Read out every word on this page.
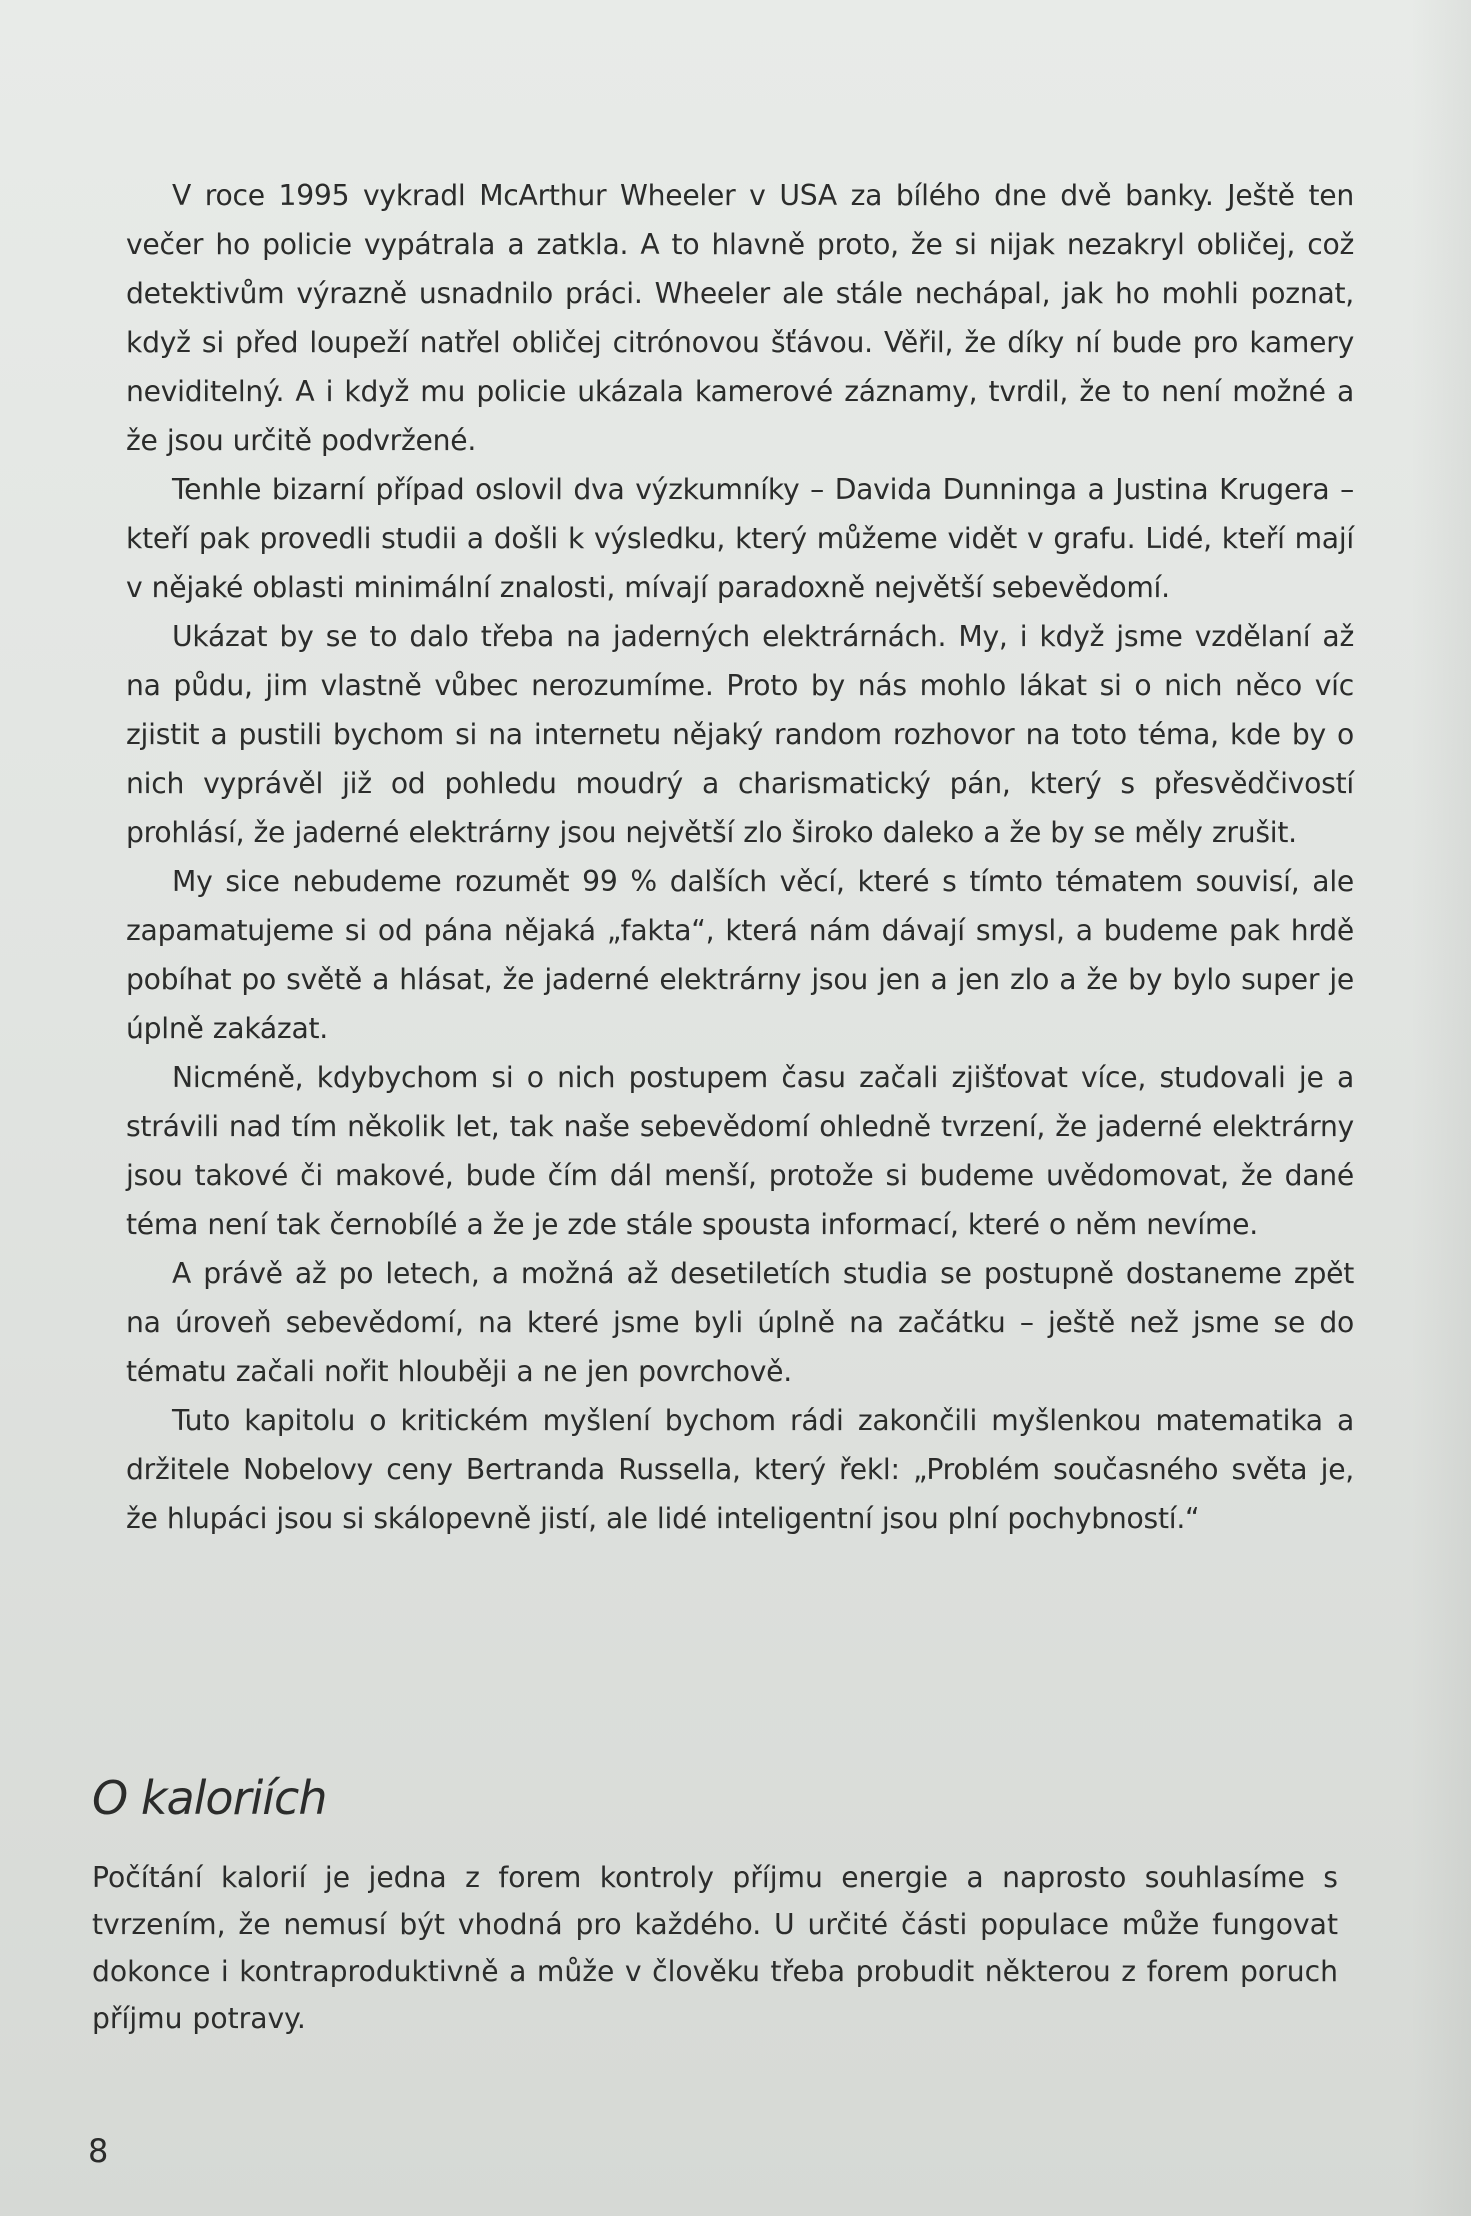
V roce 1995 vykradl McArthur Wheeler v USA za bílého dne dvě banky. Ještě ten večer ho policie vypátrala a zatkla. A to hlavně proto, že si nijak nezakryl obličej, což detektivům výrazně usnadnilo práci. Wheeler ale stále nechápal, jak ho mohli poznat, když si před loupeží natřel obličej citrónovou šťávou. Věřil, že díky ní bude pro kamery neviditelný. A i když mu policie ukázala kamerové záznamy, tvrdil, že to není možné a že jsou určitě podvržené.

Tenhle bizarní případ oslovil dva výzkumníky – Davida Dunninga a Justina Krugera – kteří pak provedli studii a došli k výsledku, který můžeme vidět v grafu. Lidé, kteří mají v nějaké oblasti minimální znalosti, mívají paradoxně největší sebevědomí.

Ukázat by se to dalo třeba na jaderných elektrárnách. My, i když jsme vzdělaní až na půdu, jim vlastně vůbec nerozumíme. Proto by nás mohlo lákat si o nich něco víc zjistit a pustili bychom si na internetu nějaký random rozhovor na toto téma, kde by o nich vyprávěl již od pohledu moudrý a charismatický pán, který s přesvědčivostí prohlásí, že jaderné elektrárny jsou největší zlo široko daleko a že by se měly zrušit.

My sice nebudeme rozumět 99 % dalších věcí, které s tímto tématem souvisí, ale zapamatujeme si od pána nějaká „fakta“, která nám dávají smysl, a budeme pak hrdě pobíhat po světě a hlásat, že jaderné elektrárny jsou jen a jen zlo a že by bylo super je úplně zakázat.

Nicméně, kdybychom si o nich postupem času začali zjišťovat více, studovali je a strávili nad tím několik let, tak naše sebevědomí ohledně tvrzení, že jaderné elektrárny jsou takové či makové, bude čím dál menší, protože si budeme uvědomovat, že dané téma není tak černobílé a že je zde stále spousta informací, které o něm nevíme.

A právě až po letech, a možná až desetiletích studia se postupně dostaneme zpět na úroveň sebevědomí, na které jsme byli úplně na začátku – ještě než jsme se do tématu začali nořit hlouběji a ne jen povrchově.

Tuto kapitolu o kritickém myšlení bychom rádi zakončili myšlenkou matematika a držitele Nobelovy ceny Bertranda Russella, který řekl: „Problém současného světa je, že hlupáci jsou si skálopevně jistí, ale lidé inteligentní jsou plní pochybností.“

O kaloriích

Počítání kalorií je jedna z forem kontroly příjmu energie a naprosto souhlasíme s tvrzením, že nemusí být vhodná pro každého. U určité části populace může fungovat dokonce i kontraproduktivně a může v člověku třeba probudit některou z forem poruch příjmu potravy.

8
